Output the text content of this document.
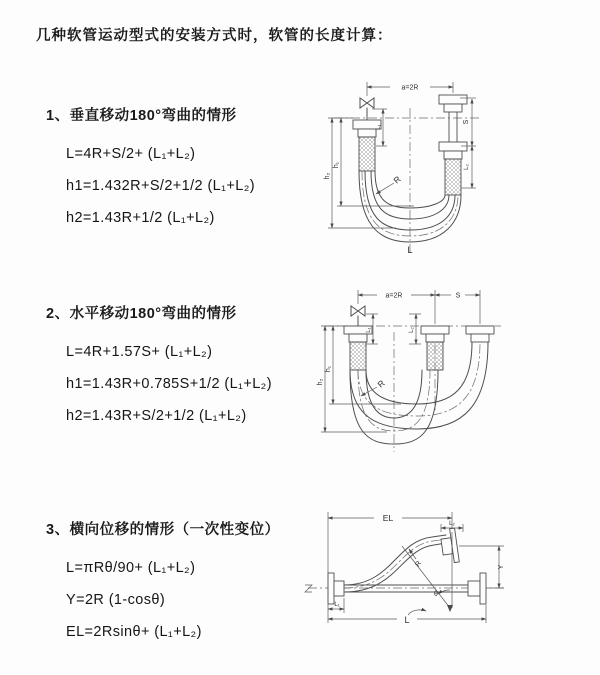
几种软管运动型式的安装方式时，软管的长度计算：
1、垂直移动180°弯曲的情形
L=4R+S/2+ (L₁+L₂)
h1=1.432R+S/2+1/2 (L₁+L₂)
h2=1.43R+1/2 (L₁+L₂)
2、水平移动180°弯曲的情形
L=4R+1.57S+ (L₁+L₂)
h1=1.43R+0.785S+1/2 (L₁+L₂)
h2=1.43R+S/2+1/2 (L₁+L₂)
3、横向位移的情形（一次性变位）
L=πRθ/90+ (L₁+L₂)
Y=2R (1-cosθ)
EL=2Rsinθ+ (L₁+L₂)
a=2R
h₂
h₁
S
L₂
L₁
R
L
a=2R	S
h₂
h₁
L₁	L₂
R
EL
L₂
Y
L₁
L
θ
R
